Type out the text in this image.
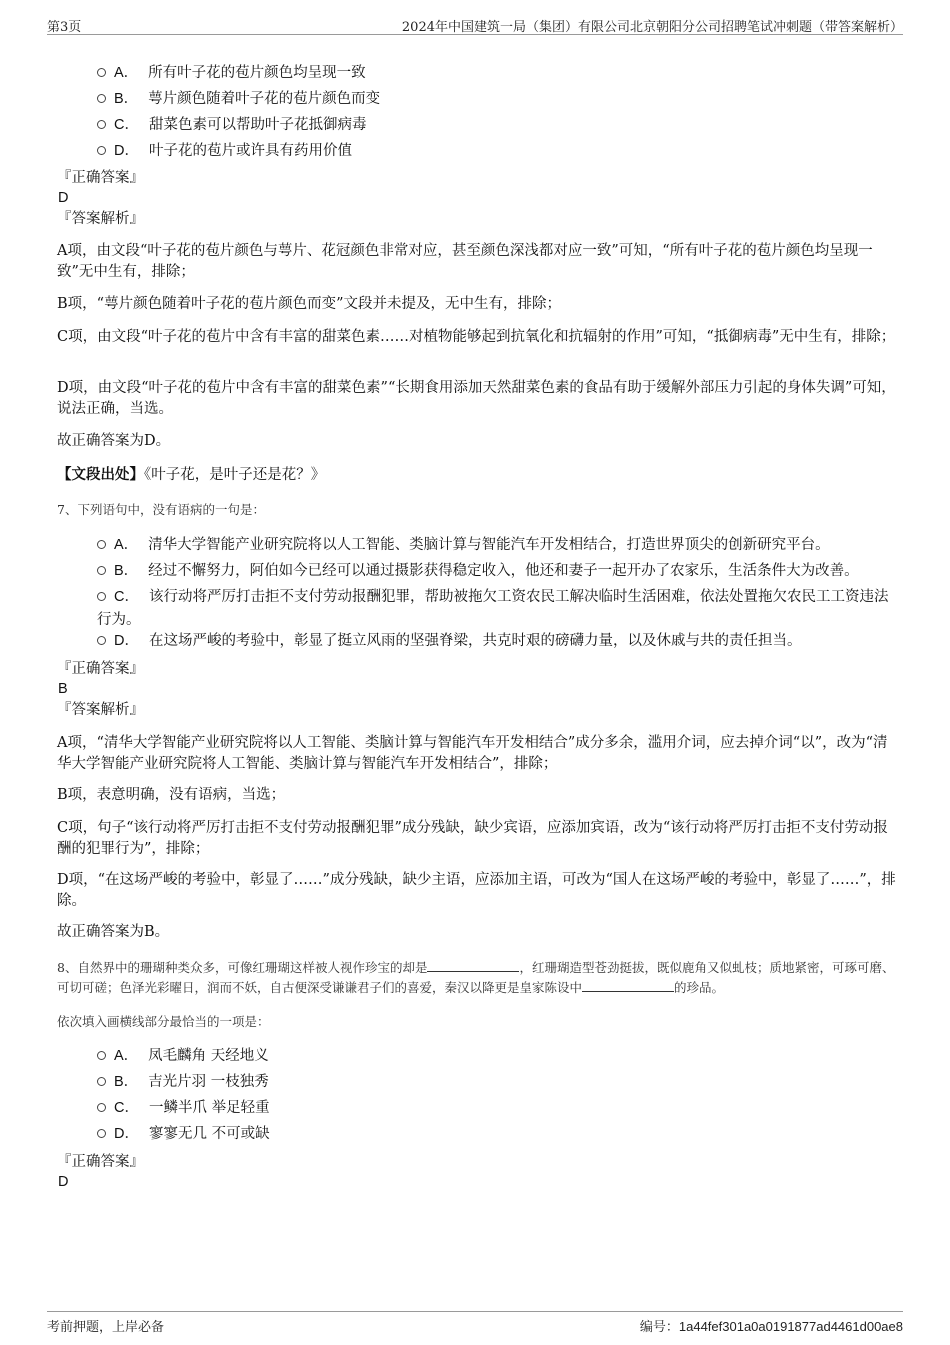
第3页	2024年中国建筑一局（集团）有限公司北京朝阳分公司招聘笔试冲刺题（带答案解析）
A． 所有叶子花的苞片颜色均呈现一致
B． 萼片颜色随着叶子花的苞片颜色而变
C． 甜菜色素可以帮助叶子花抵御病毒
D． 叶子花的苞片或许具有药用价值
『正确答案』
D
『答案解析』
A项，由文段“叶子花的苞片颜色与萼片、花冠颜色非常对应，甚至颜色深浅都对应一致”可知，“所有叶子花的苞片颜色均呈现一致”无中生有，排除；
B项，“萼片颜色随着叶子花的苞片颜色而变”文段并未提及，无中生有，排除；
C项，由文段“叶子花的苞片中含有丰富的甜菜色素……对植物能够起到抗氧化和抗辐射的作用”可知，“抵御病毒”无中生有，排除；
D项，由文段“叶子花的苞片中含有丰富的甜菜色素”“长期食用添加天然甜菜色素的食品有助于缓解外部压力引起的身体失调”可知，说法正确，当选。
故正确答案为D。
【文段出处】《叶子花，是叶子还是花？》
7、下列语句中，没有语病的一句是：
A． 清华大学智能产业研究院将以人工智能、类脑计算与智能汽车开发相结合，打造世界顶尖的创新研究平台。
B． 经过不懈努力，阿伯如今已经可以通过摄影获得稳定收入，他还和妻子一起开办了农家乐，生活条件大为改善。
C． 该行动将严厉打击拒不支付劳动报酬犯罪，帮助被拖欠工资农民工解决临时生活困难，依法处置拖欠农民工工资违法行为。
D． 在这场严峻的考验中，彰显了挺立风雨的坚强脊梁，共克时艰的磅礴力量，以及休戚与共的责任担当。
『正确答案』
B
『答案解析』
A项，“清华大学智能产业研究院将以人工智能、类脑计算与智能汽车开发相结合”成分多余，滥用介词，应去掉介词“以”，改为“清华大学智能产业研究院将人工智能、类脑计算与智能汽车开发相结合”，排除；
B项，表意明确，没有语病，当选；
C项，句子“该行动将严厉打击拒不支付劳动报酬犯罪”成分残缺，缺少宾语，应添加宾语，改为“该行动将严厉打击拒不支付劳动报酬的犯罪行为”，排除；
D项，“在这场严峻的考验中，彰显了……”成分残缺，缺少主语，应添加主语，可改为“国人在这场严峻的考验中，彰显了……”，排除。
故正确答案为B。
8、自然界中的珊瑚种类众多，可像红珊瑚这样被人视作珍宝的却是	，红珊瑚造型苍劲挺拔，既似鹿角又似虬枝；质地紧密，可琢可磨、可切可磋；色泽光彩曜日，润而不妖，自古便深受谦谦君子们的喜爱，秦汉以降更是皇家陈设中	的珍品。
依次填入画横线部分最恰当的一项是：
A． 凤毛麟角 天经地义
B． 吉光片羽 一枝独秀
C． 一鳞半爪 举足轻重
D． 寥寥无几 不可或缺
『正确答案』
D
考前押题，上岸必备	编号：1a44fef301a0a0191877ad4461d00ae8
